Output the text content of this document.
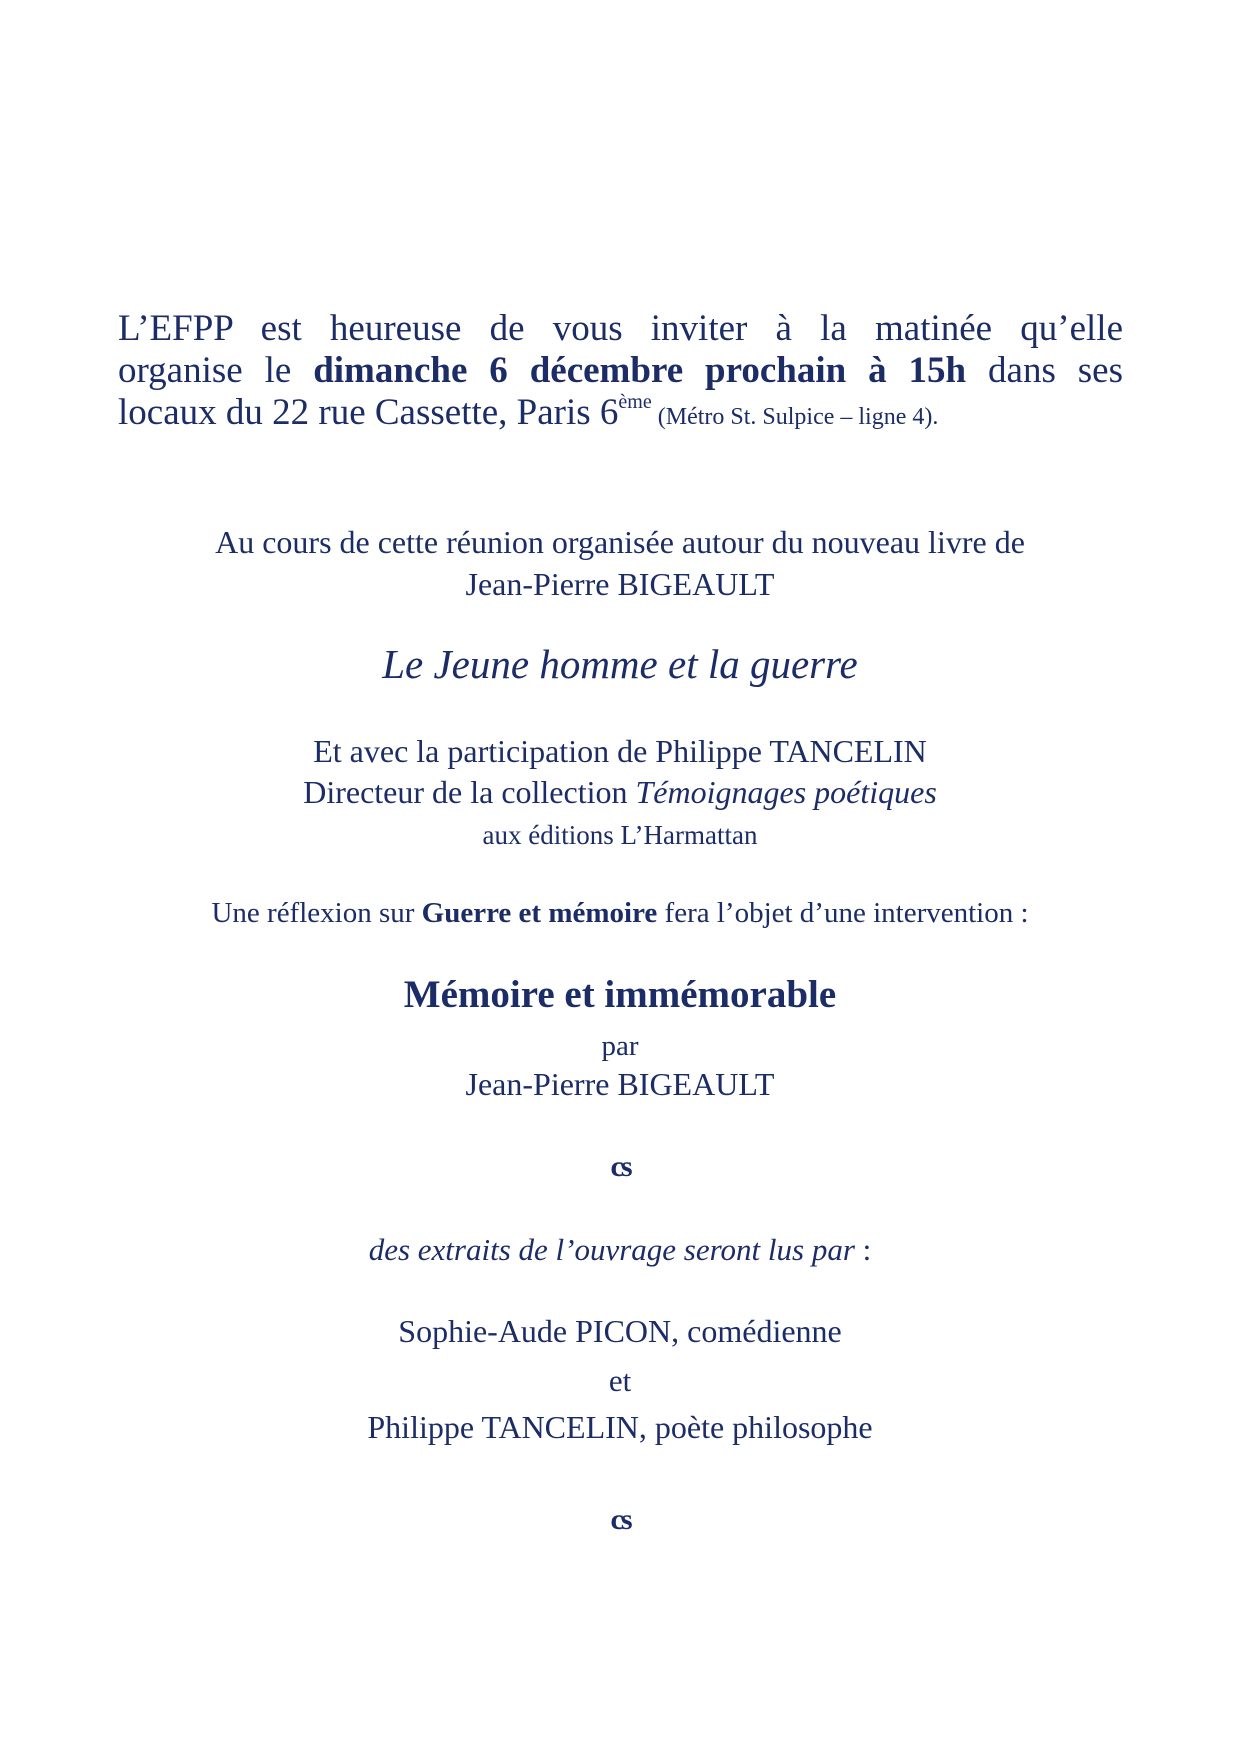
L’EFPP est heureuse de vous inviter à la matinée qu’elle
organise le dimanche 6 décembre prochain à 15h dans ses
locaux du 22 rue Cassette, Paris 6ème (Métro St. Sulpice – ligne 4).
Au cours de cette réunion organisée autour du nouveau livre de
Jean-Pierre BIGEAULT
Le Jeune homme et la guerre
Et avec la participation de Philippe TANCELIN
Directeur de la collection Témoignages poétiques
aux éditions L’Harmattan
Une réflexion sur Guerre et mémoire fera l’objet d’une intervention :
Mémoire et immémorable
par
Jean-Pierre BIGEAULT
cs
des extraits de l’ouvrage seront lus par :
Sophie-Aude PICON, comédienne
et
Philippe TANCELIN, poète philosophe
cs
